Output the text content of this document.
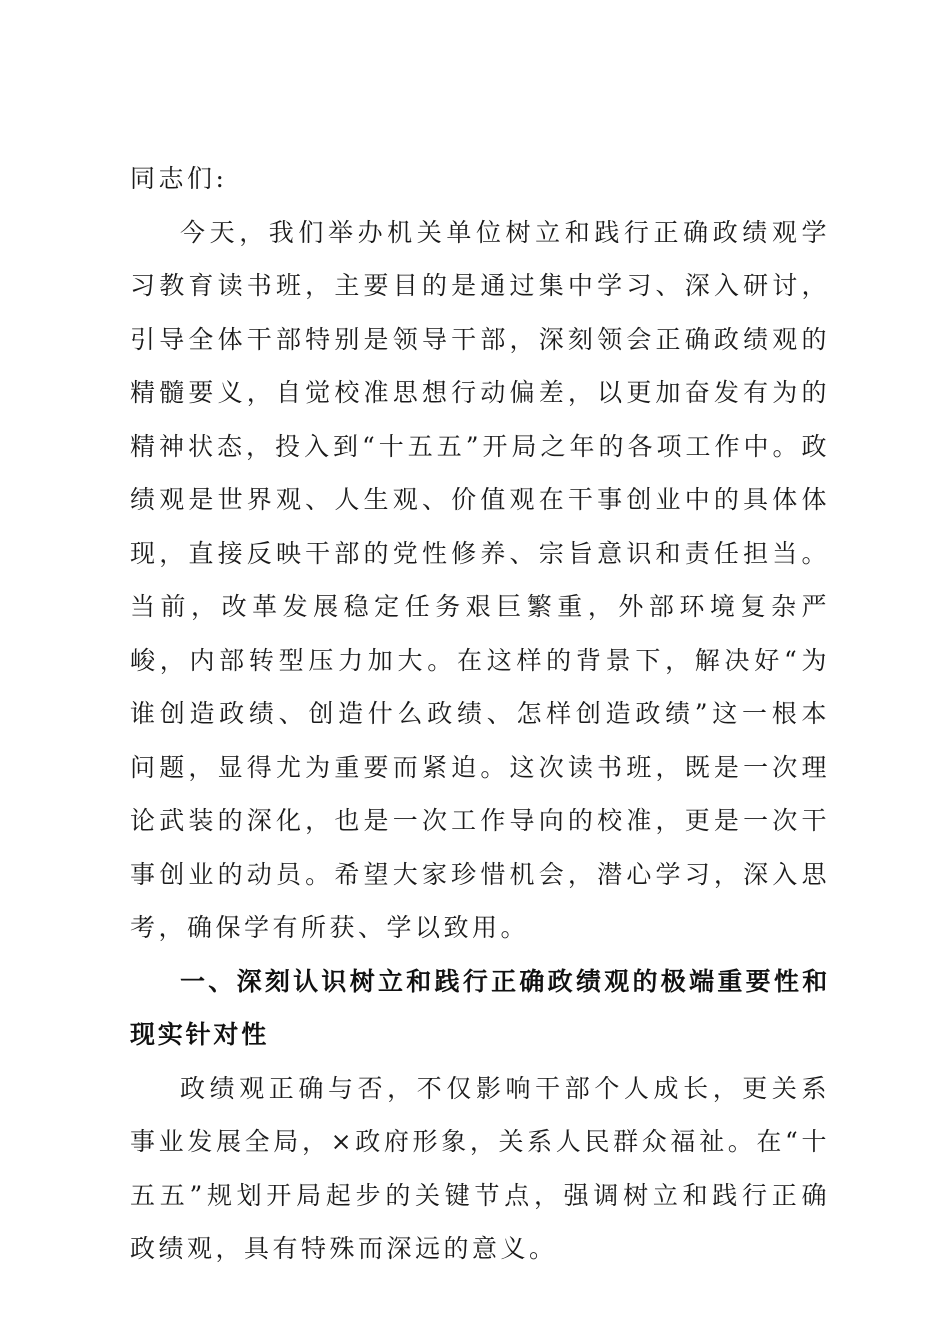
同志们:

今天，我们举办机关单位树立和践行正确政绩观学习教育读书班，主要目的是通过集中学习、深入研讨，引导全体干部特别是领导干部，深刻领会正确政绩观的精髓要义，自觉校准思想行动偏差，以更加奋发有为的精神状态，投入到“十五五”开局之年的各项工作中。政绩观是世界观、人生观、价值观在干事创业中的具体体现，直接反映干部的党性修养、宗旨意识和责任担当。当前，改革发展稳定任务艰巨繁重，外部环境复杂严峻，内部转型压力加大。在这样的背景下，解决好“为谁创造政绩、创造什么政绩、怎样创造政绩”这一根本问题，显得尤为重要而紧迫。这次读书班，既是一次理论武装的深化，也是一次工作导向的校准，更是一次干事创业的动员。希望大家珍惜机会，潜心学习，深入思考，确保学有所获、学以致用。

一、深刻认识树立和践行正确政绩观的极端重要性和现实针对性

政绩观正确与否，不仅影响干部个人成长，更关系事业发展全局，×政府形象，关系人民群众福祉。在“十五五”规划开局起步的关键节点，强调树立和践行正确政绩观，具有特殊而深远的意义。
